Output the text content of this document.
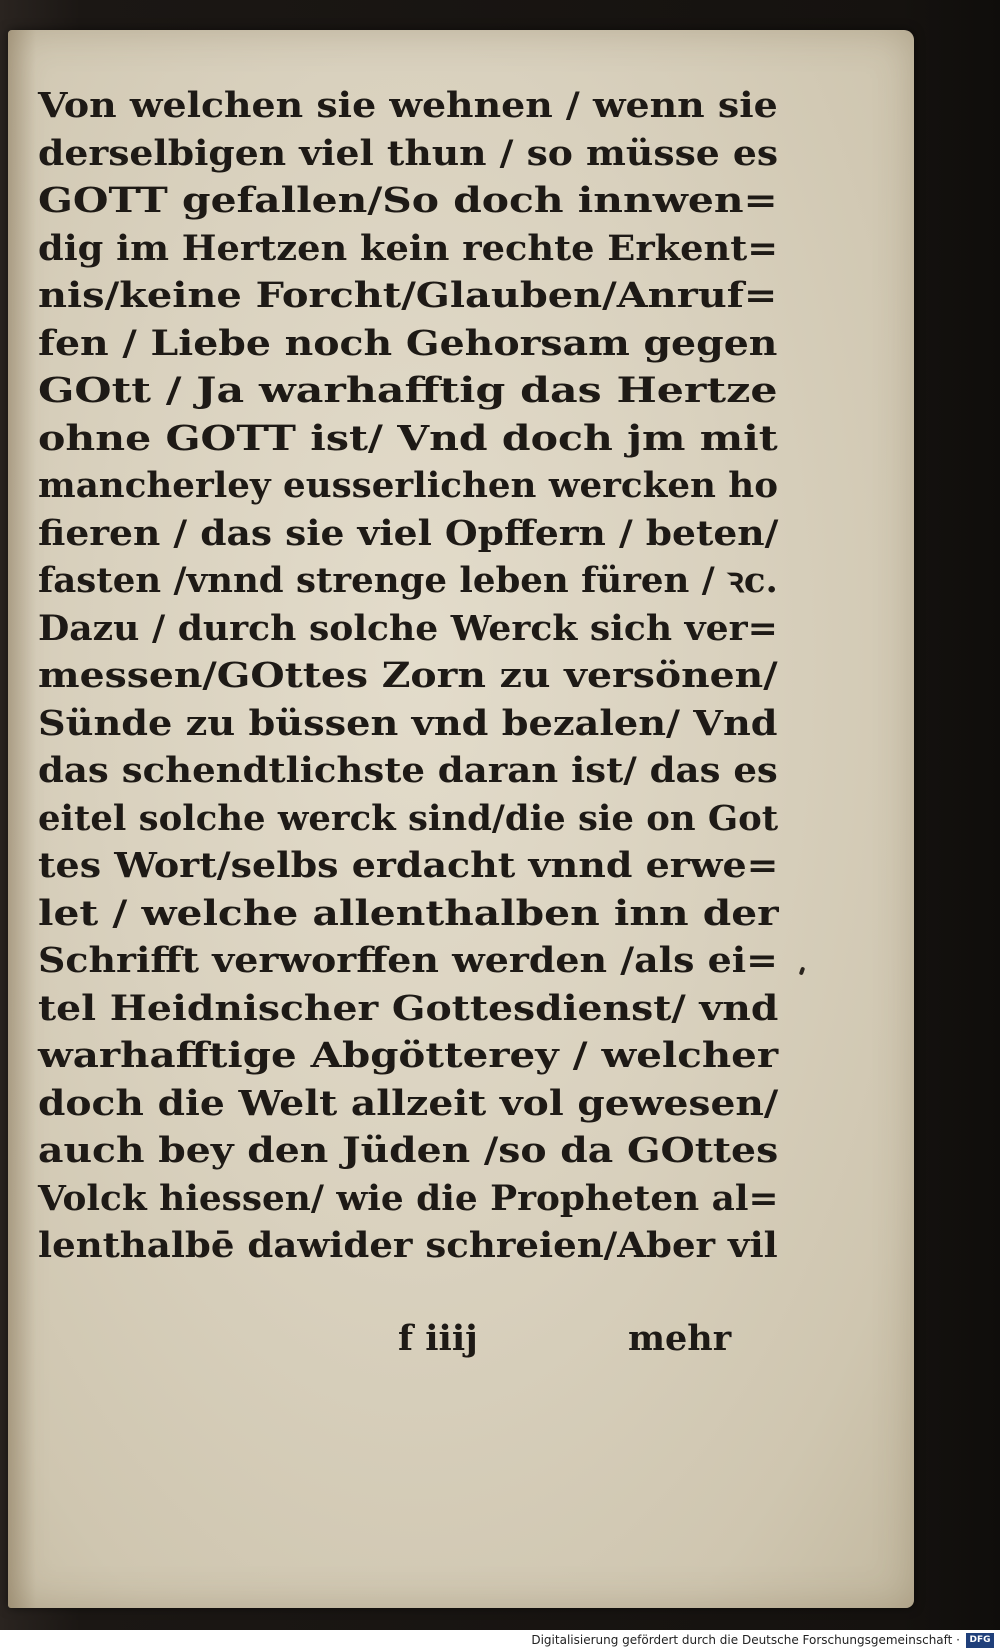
Von welchen sie wehnen / wenn sie
derselbigen viel thun / so müsse es
GOTT gefallen/So doch innwen=
dig im Hertzen kein rechte Erkent=
nis/keine Forcht/Glauben/Anruf=
fen / Liebe noch Gehorsam gegen
GOtt / Ja warhafftig das Hertze
ohne GOTT ist/ Vnd doch jm mit
mancherley eusserlichen wercken ho
fieren / das sie viel Opffern / beten/
fasten /vnnd strenge leben füren / ꝛc.
Dazu / durch solche Werck sich ver=
messen/GOttes Zorn zu versönen/
Sünde zu büssen vnd bezalen/ Vnd
das schendtlichste daran ist/ das es
eitel solche werck sind/die sie on Got
tes Wort/selbs erdacht vnnd erwe=
let / welche allenthalben inn der
Schrifft verworffen werden /als ei=
tel Heidnischer Gottesdienst/ vnd
warhafftige Abgötterey / welcher
doch die Welt allzeit vol gewesen/
auch bey den Jüden /so da GOttes
Volck hiessen/ wie die Propheten al=
lenthalbē dawider schreien/Aber vil
f iiij	mehr
Digitalisierung gefördert durch die Deutsche Forschungsgemeinschaft ·	DFG
